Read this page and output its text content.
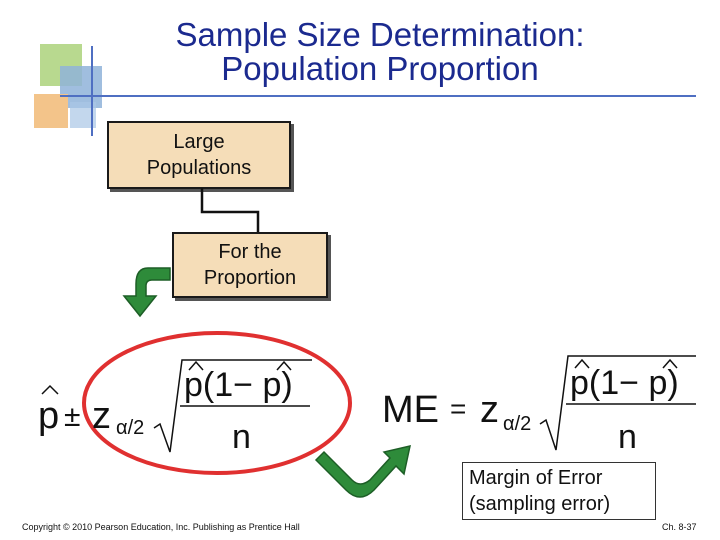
Sample Size Determination:
Population Proportion
Large
Populations
For the
Proportion
p ± z α/2
p(1− p)
n
ME = z α/2
p(1− p)
n
Margin of Error
(sampling error)
Copyright © 2010 Pearson Education, Inc. Publishing as Prentice Hall	Ch. 8-37
